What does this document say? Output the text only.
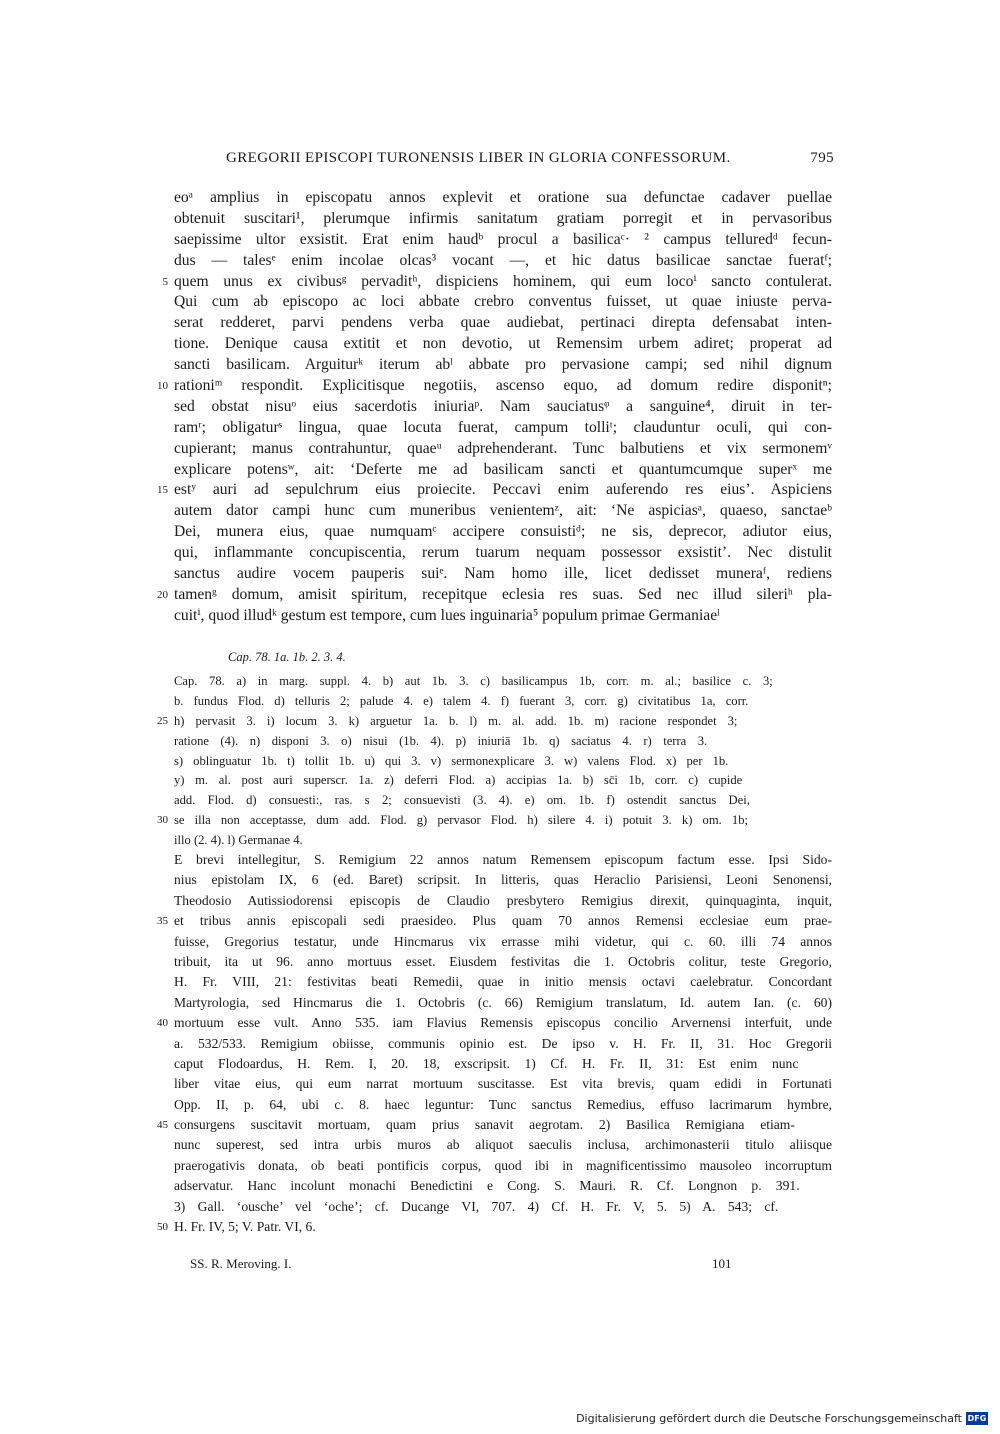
GREGORII EPISCOPI TURONENSIS LIBER IN GLORIA CONFESSORUM.	795
eoᵃ amplius in episcopatu annos explevit et oratione sua defunctae cadaver puellae
obtenuit suscitari¹, plerumque infirmis sanitatum gratiam porregit et in pervasoribus
saepissime ultor exsistit. Erat enim haudᵇ procul a basilicaᶜ· ² campus telluredᵈ fecun-
dus — talesᵉ enim incolae olcas³ vocant —, et hic datus basilicae sanctae fueratᶠ;
5 quem unus ex civibusᵍ pervaditʰ, dispiciens hominem, qui eum locoⁱ sancto contulerat.
Qui cum ab episcopo ac loci abbate crebro conventus fuisset, ut quae iniuste perva-
serat redderet, parvi pendens verba quae audiebat, pertinaci direpta defensabat inten-
tione. Denique causa extitit et non devotio, ut Remensim urbem adiret; properat ad
sancti basilicam. Arguiturᵏ iterum abˡ abbate pro pervasione campi; sed nihil dignum
10 rationiᵐ respondit. Explicitisque negotiis, ascenso equo, ad domum redire disponitⁿ;
sed obstat nisuᵒ eius sacerdotis iniuriaᵖ. Nam sauciatusᵠ a sanguine⁴, diruit in ter-
ramʳ; obligaturˢ lingua, quae locuta fuerat, campum tolliᵗ; clauduntur oculi, qui con-
cupierant; manus contrahuntur, quaeᵘ adprehenderant. Tunc balbutiens et vix sermonemᵛ
explicare potensʷ, ait: ‘Deferte me ad basilicam sancti et quantumcumque superˣ me
15 estʸ auri ad sepulchrum eius proiecite. Peccavi enim auferendo res eius’. Aspiciens
autem dator campi hunc cum muneribus venientemᶻ, ait: ‘Ne aspiciasᵃ, quaeso, sanctaeᵇ
Dei, munera eius, quae numquamᶜ accipere consuistiᵈ; ne sis, deprecor, adiutor eius,
qui, inflammante concupiscentia, rerum tuarum nequam possessor exsistit’. Nec distulit
sanctus audire vocem pauperis suiᵉ. Nam homo ille, licet dedisset muneraᶠ, rediens
20 tamenᵍ domum, amisit spiritum, recepitque eclesia res suas. Sed nec illud sileriʰ pla-
cuitⁱ, quod illudᵏ gestum est tempore, cum lues inguinaria⁵ populum primae Germaniaeˡ
Cap. 78. 1a. 1b. 2. 3. 4.
Cap. 78. a) in marg. suppl. 4. b) aut 1b. 3. c) basilicampus 1b, corr. m. al.; basilice c. 3;
b. fundus Flod. d) telluris 2; palude 4. e) talem 4. f) fuerant 3, corr. g) civitatibus 1a, corr.
25 h) pervasit 3. i) locum 3. k) arguetur 1a. b. l) m. al. add. 1b. m) racione respondet 3;
ratione (4). n) disponi 3. o) nisui (1b. 4). p) iniuriā 1b. q) saciatus 4. r) terra 3.
s) oblinguatur 1b. t) tollit 1b. u) qui 3. v) sermonexplicare 3. w) valens Flod. x) per 1b.
y) m. al. post auri superscr. 1a. z) deferri Flod. a) accipias 1a. b) sc̄i 1b, corr. c) cupide
add. Flod. d) consuesti:, ras. s 2; consuevisti (3. 4). e) om. 1b. f) ostendit sanctus Dei,
30 se illa non acceptasse, dum add. Flod. g) pervasor Flod. h) silere 4. i) potuit 3. k) om. 1b;
illo (2. 4). l) Germanae 4.
E brevi intellegitur, S. Remigium 22 annos natum Remensem episcopum factum esse. Ipsi Sido-
nius epistolam IX, 6 (ed. Baret) scripsit. In litteris, quas Heraclio Parisiensi, Leoni Senonensi,
Theodosio Autissiodorensi episcopis de Claudio presbytero Remigius direxit, quinquaginta, inquit,
35 et tribus annis episcopali sedi praesideo. Plus quam 70 annos Remensi ecclesiae eum prae-
fuisse, Gregorius testatur, unde Hincmarus vix errasse mihi videtur, qui c. 60. illi 74 annos
tribuit, ita ut 96. anno mortuus esset. Eiusdem festivitas die 1. Octobris colitur, teste Gregorio,
H. Fr. VIII, 21: festivitas beati Remedii, quae in initio mensis octavi caelebratur. Concordant
Martyrologia, sed Hincmarus die 1. Octobris (c. 66) Remigium translatum, Id. autem Ian. (c. 60)
40 mortuum esse vult. Anno 535. iam Flavius Remensis episcopus concilio Arvernensi interfuit, unde
a. 532/533. Remigium obiisse, communis opinio est. De ipso v. H. Fr. II, 31. Hoc Gregorii
caput Flodoardus, H. Rem. I, 20. 18, exscripsit. 1) Cf. H. Fr. II, 31: Est enim nunc
liber vitae eius, qui eum narrat mortuum suscitasse. Est vita brevis, quam edidi in Fortunati
Opp. II, p. 64, ubi c. 8. haec leguntur: Tunc sanctus Remedius, effuso lacrimarum hymbre,
45 consurgens suscitavit mortuam, quam prius sanavit aegrotam. 2) Basilica Remigiana etiam-
nunc superest, sed intra urbis muros ab aliquot saeculis inclusa, archimonasterii titulo aliisque
praerogativis donata, ob beati pontificis corpus, quod ibi in magnificentissimo mausoleo incorruptum
adservatur. Hanc incolunt monachi Benedictini e Cong. S. Mauri. R. Cf. Longnon p. 391.
3) Gall. ‘ousche’ vel ‘oche’; cf. Ducange VI, 707. 4) Cf. H. Fr. V, 5. 5) A. 543; cf.
50 H. Fr. IV, 5; V. Patr. VI, 6.
SS. R. Meroving. I.	101
Digitalisierung gefördert durch die Deutsche Forschungsgemeinschaft DFG
